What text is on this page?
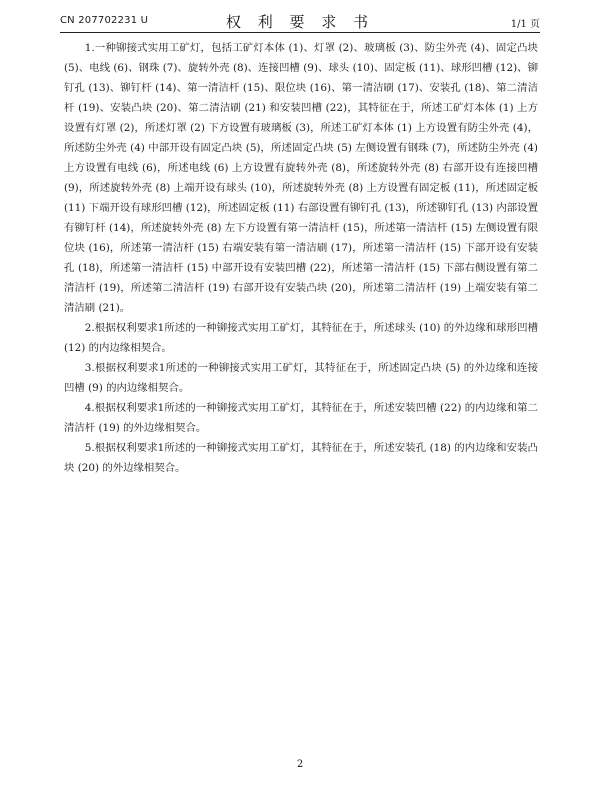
CN 207702231 U	权 利 要 求 书	1/1 页

1.一种铆接式实用工矿灯，包括工矿灯本体 (1)、灯罩 (2)、玻璃板 (3)、防尘外壳 (4)、固定凸块 (5)、电线 (6)、钢珠 (7)、旋转外壳 (8)、连接凹槽 (9)、球头 (10)、固定板 (11)、球形凹槽 (12)、铆钉孔 (13)、铆钉杆 (14)、第一清洁杆 (15)、限位块 (16)、第一清洁刷 (17)、安装孔 (18)、第二清洁杆 (19)、安装凸块 (20)、第二清洁刷 (21) 和安装凹槽 (22)，其特征在于，所述工矿灯本体 (1) 上方设置有灯罩 (2)，所述灯罩 (2) 下方设置有玻璃板 (3)，所述工矿灯本体 (1) 上方设置有防尘外壳 (4)，所述防尘外壳 (4) 中部开设有固定凸块 (5)，所述固定凸块 (5) 左侧设置有钢珠 (7)，所述防尘外壳 (4) 上方设置有电线 (6)，所述电线 (6) 上方设置有旋转外壳 (8)，所述旋转外壳 (8) 右部开设有连接凹槽 (9)，所述旋转外壳 (8) 上端开设有球头 (10)，所述旋转外壳 (8) 上方设置有固定板 (11)，所述固定板 (11) 下端开设有球形凹槽 (12)，所述固定板 (11) 右部设置有铆钉孔 (13)，所述铆钉孔 (13) 内部设置有铆钉杆 (14)，所述旋转外壳 (8) 左下方设置有第一清洁杆 (15)，所述第一清洁杆 (15) 左侧设置有限位块 (16)，所述第一清洁杆 (15) 右端安装有第一清洁刷 (17)，所述第一清洁杆 (15) 下部开设有安装孔 (18)，所述第一清洁杆 (15) 中部开设有安装凹槽 (22)，所述第一清洁杆 (15) 下部右侧设置有第二清洁杆 (19)，所述第二清洁杆 (19) 右部开设有安装凸块 (20)，所述第二清洁杆 (19) 上端安装有第二清洁刷 (21)。

2.根据权利要求1所述的一种铆接式实用工矿灯，其特征在于，所述球头 (10) 的外边缘和球形凹槽 (12) 的内边缘相契合。

3.根据权利要求1所述的一种铆接式实用工矿灯，其特征在于，所述固定凸块 (5) 的外边缘和连接凹槽 (9) 的内边缘相契合。

4.根据权利要求1所述的一种铆接式实用工矿灯，其特征在于，所述安装凹槽 (22) 的内边缘和第二清洁杆 (19) 的外边缘相契合。

5.根据权利要求1所述的一种铆接式实用工矿灯，其特征在于，所述安装孔 (18) 的内边缘和安装凸块 (20) 的外边缘相契合。

2
